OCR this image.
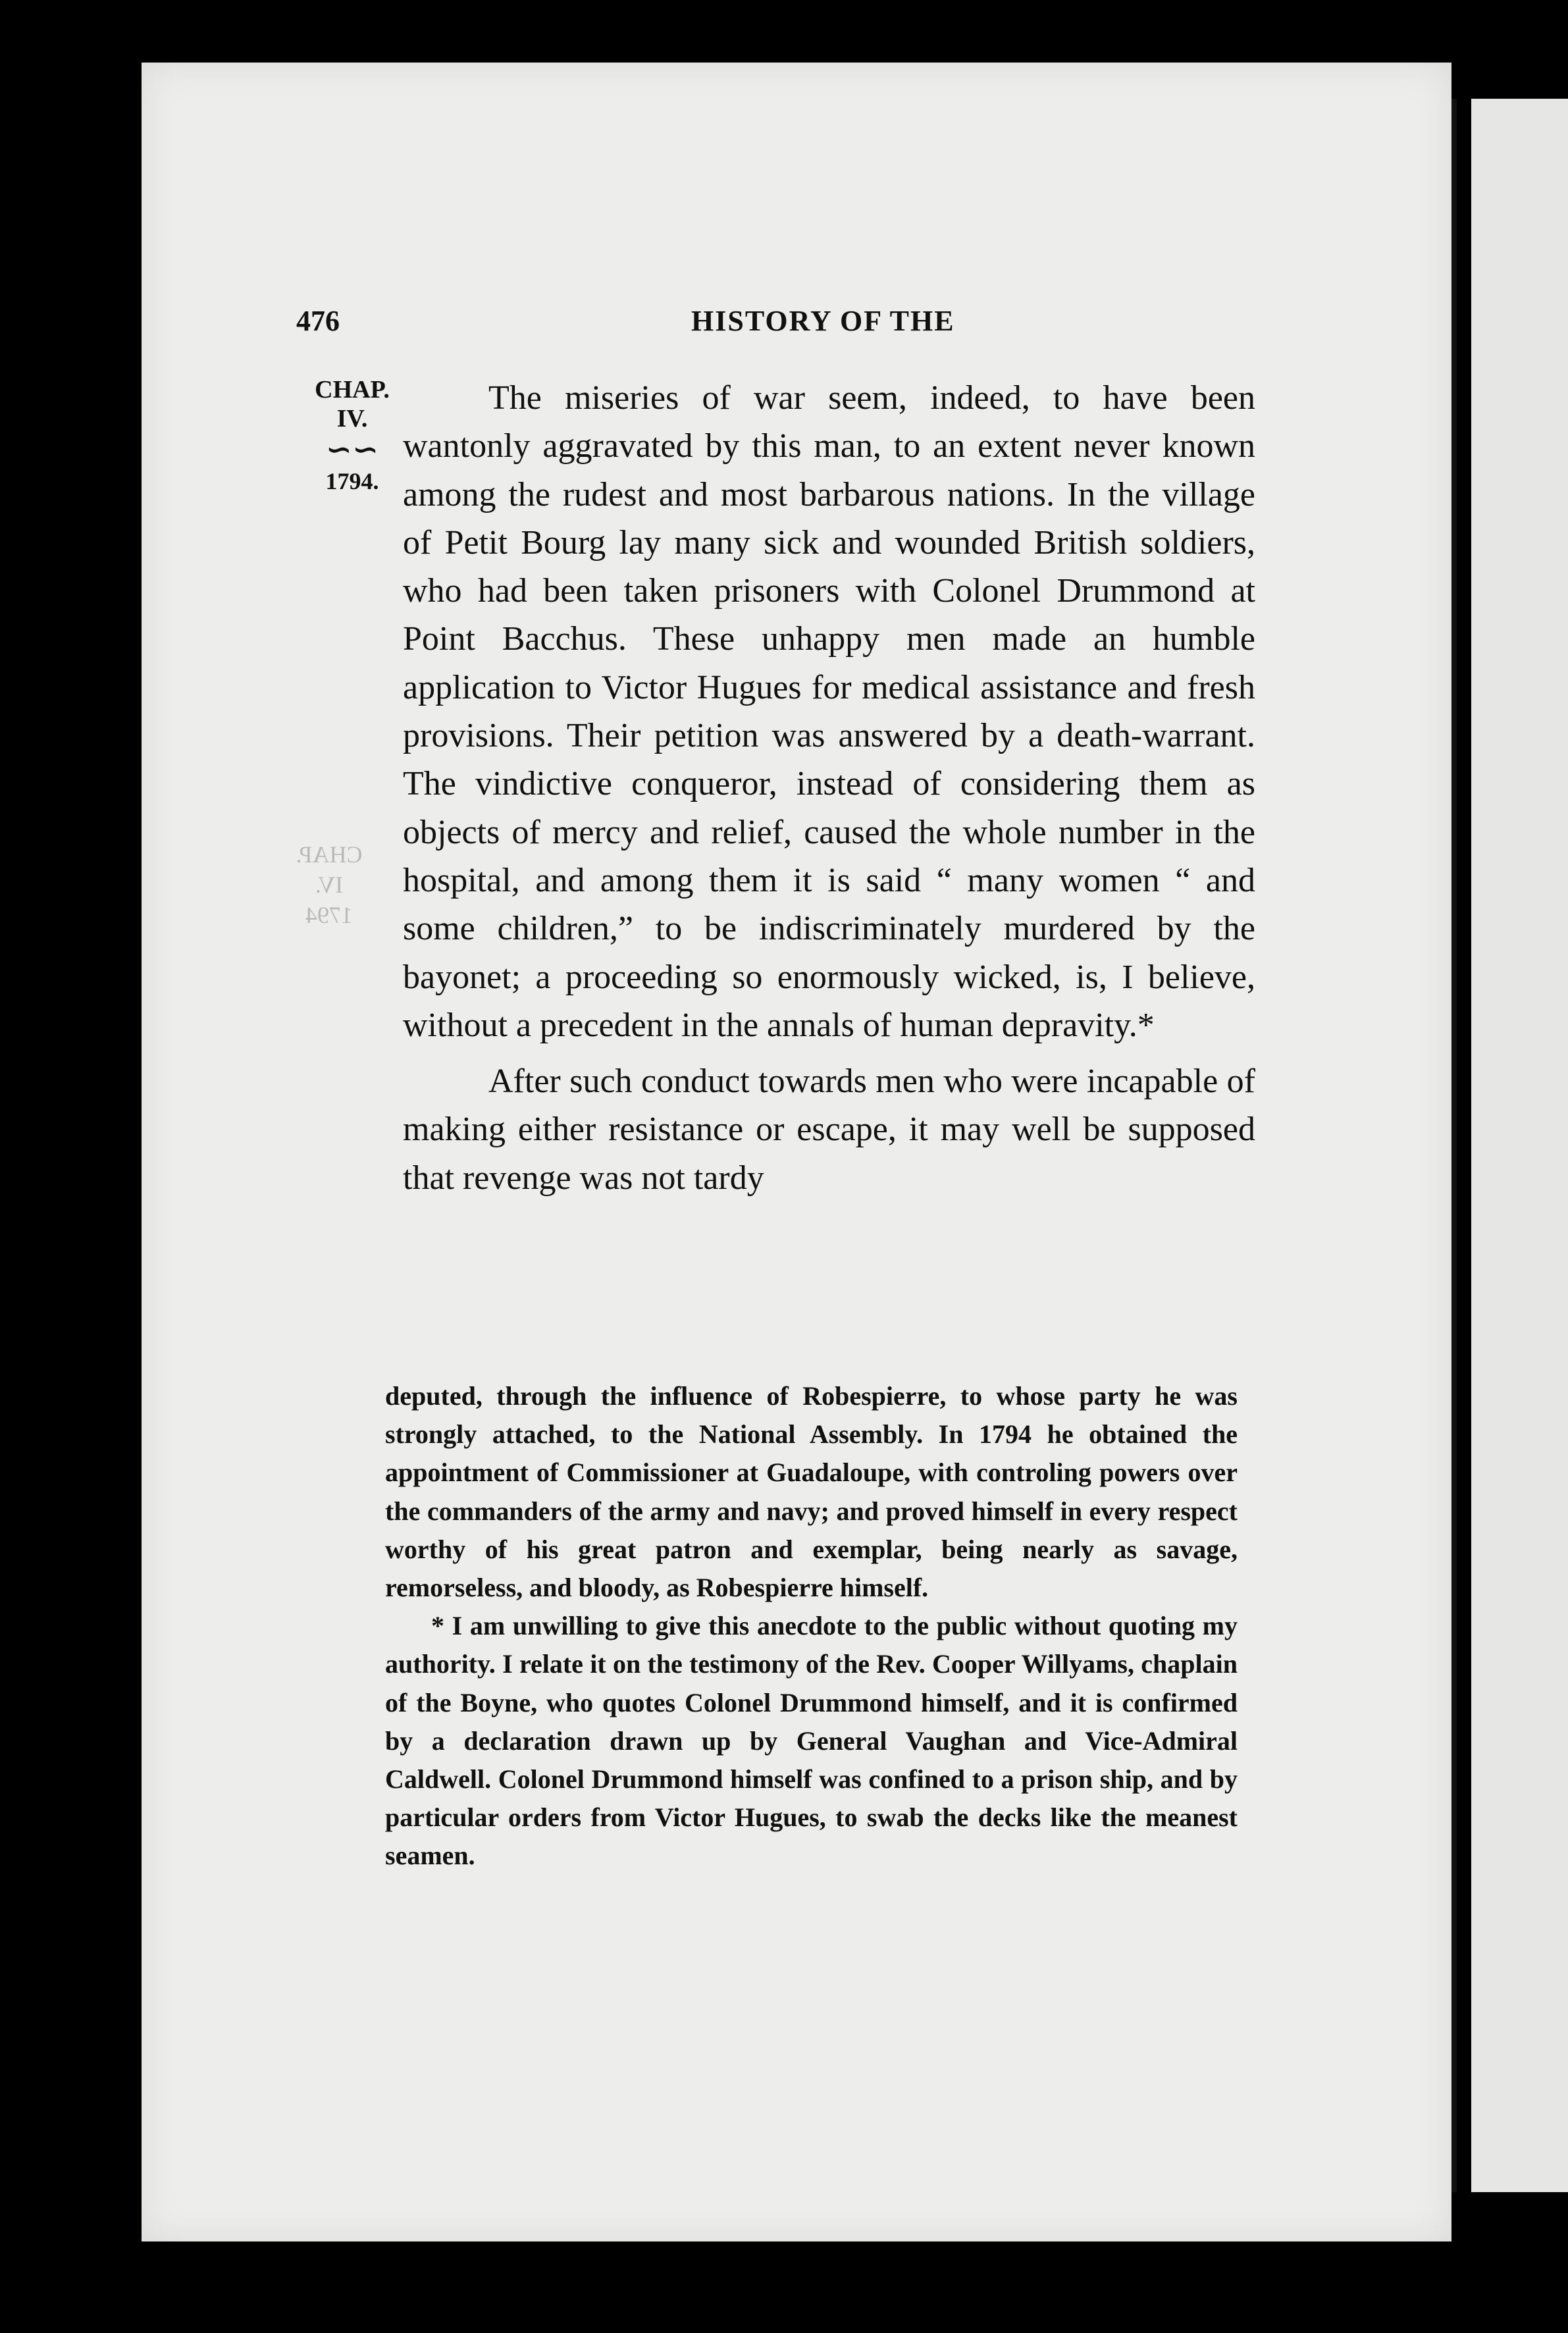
476	HISTORY OF THE
CHAP.
IV.
∽∽
1794.
CHAP.
IV.
1794

The miseries of war seem, indeed, to have been wantonly aggravated by this man, to an extent never known among the rudest and most barbarous nations. In the village of Petit Bourg lay many sick and wounded British soldiers, who had been taken prisoners with Colonel Drummond at Point Bacchus. These unhappy men made an humble application to Victor Hugues for medical assistance and fresh provisions. Their petition was answered by a death-warrant. The vindictive conqueror, instead of considering them as objects of mercy and relief, caused the whole number in the hospital, and among them it is said “ many women “ and some children,” to be indiscriminately murdered by the bayonet; a proceeding so enormously wicked, is, I believe, without a precedent in the annals of human depravity.*

After such conduct towards men who were incapable of making either resistance or escape, it may well be supposed that revenge was not tardy

deputed, through the influence of Robespierre, to whose party he was strongly attached, to the National Assembly. In 1794 he obtained the appointment of Commissioner at Guadaloupe, with controling powers over the commanders of the army and navy; and proved himself in every respect worthy of his great patron and exemplar, being nearly as savage, remorseless, and bloody, as Robespierre himself.

* I am unwilling to give this anecdote to the public without quoting my authority. I relate it on the testimony of the Rev. Cooper Willyams, chaplain of the Boyne, who quotes Colonel Drummond himself, and it is confirmed by a declaration drawn up by General Vaughan and Vice-Admiral Caldwell. Colonel Drummond himself was confined to a prison ship, and by particular orders from Victor Hugues, to swab the decks like the meanest seamen.
